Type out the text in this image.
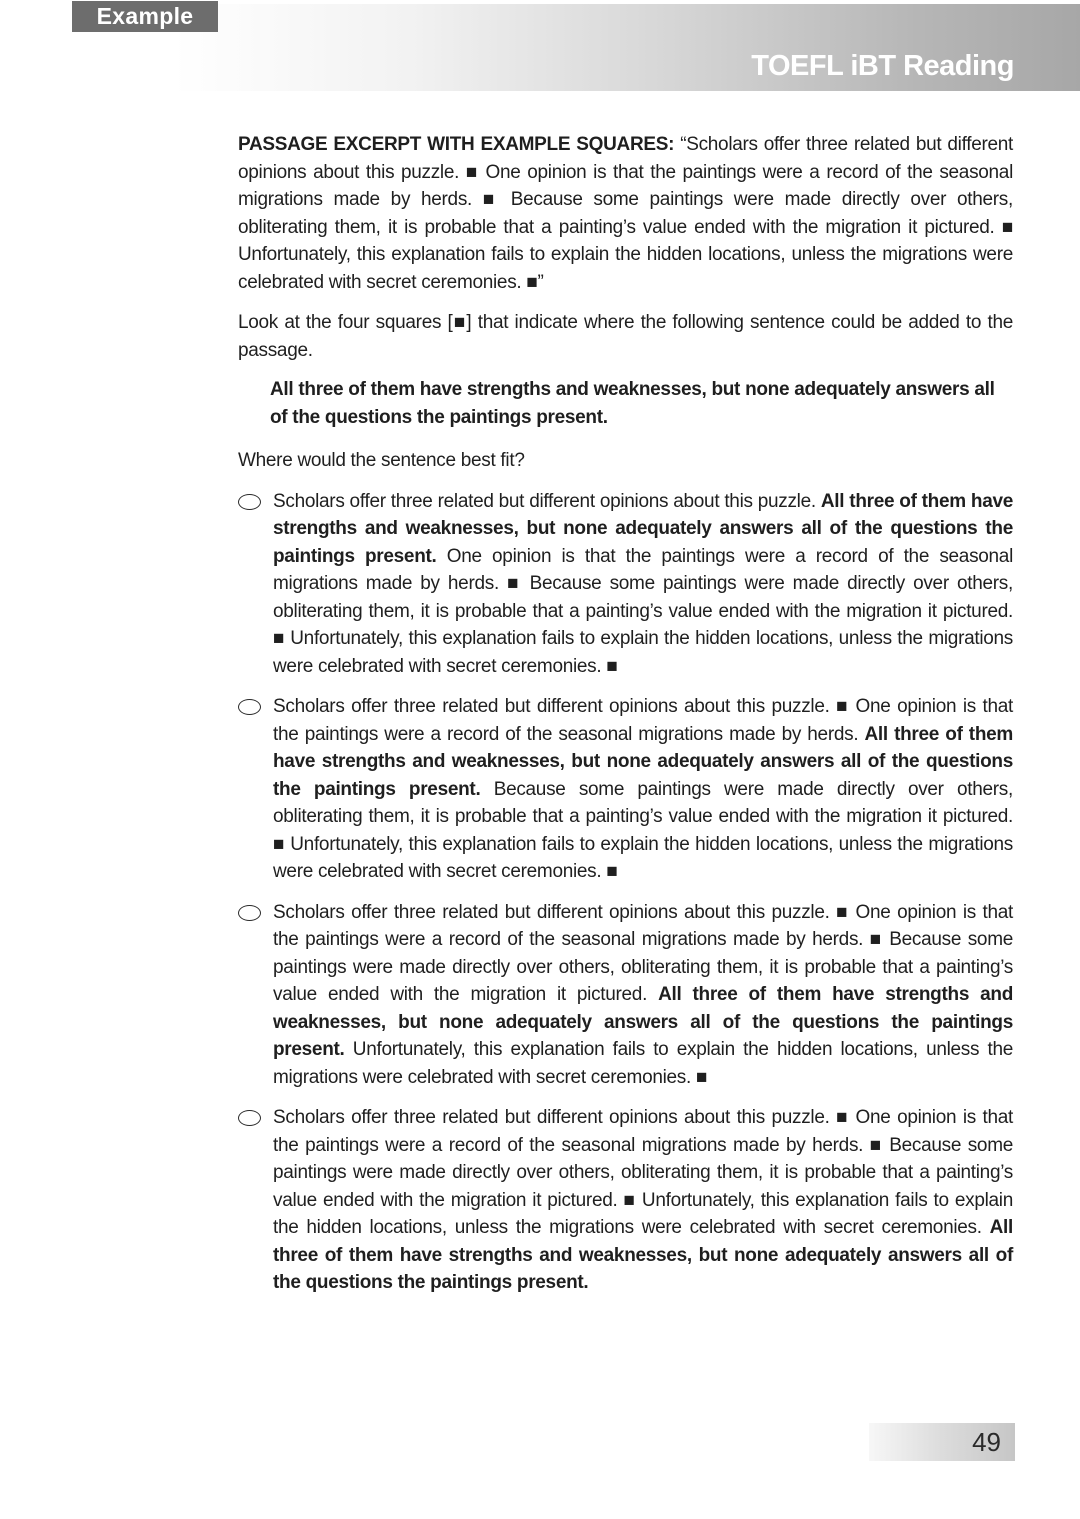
TOEFL iBT Reading
Example

PASSAGE EXCERPT WITH EXAMPLE SQUARES: “Scholars offer three related but different opinions about this puzzle. ■ One opinion is that the paintings were a record of the seasonal migrations made by herds. ■ Because some paintings were made directly over others, obliterating them, it is probable that a painting’s value ended with the migration it pictured. ■ Unfortunately, this explanation fails to explain the hidden locations, unless the migrations were celebrated with secret ceremonies. ■”

Look at the four squares [■] that indicate where the following sentence could be added to the passage.

All three of them have strengths and weaknesses, but none adequately answers all of the questions the paintings present.

Where would the sentence best fit?

Scholars offer three related but different opinions about this puzzle. All three of them have strengths and weaknesses, but none adequately answers all of the questions the paintings present. One opinion is that the paintings were a record of the seasonal migrations made by herds. ■ Because some paintings were made directly over others, obliterating them, it is probable that a painting’s value ended with the migration it pictured. ■ Unfortunately, this explanation fails to explain the hidden locations, unless the migrations were celebrated with secret ceremonies. ■
Scholars offer three related but different opinions about this puzzle. ■ One opinion is that the paintings were a record of the seasonal migrations made by herds. All three of them have strengths and weaknesses, but none adequately answers all of the questions the paintings present. Because some paintings were made directly over others, obliterating them, it is probable that a painting’s value ended with the migration it pictured. ■ Unfortunately, this explanation fails to explain the hidden locations, unless the migrations were celebrated with secret ceremonies. ■
Scholars offer three related but different opinions about this puzzle. ■ One opinion is that the paintings were a record of the seasonal migrations made by herds. ■ Because some paintings were made directly over others, obliterating them, it is probable that a painting’s value ended with the migration it pictured. All three of them have strengths and weaknesses, but none adequately answers all of the questions the paintings present. Unfortunately, this explanation fails to explain the hidden locations, unless the migrations were celebrated with secret ceremonies. ■
Scholars offer three related but different opinions about this puzzle. ■ One opinion is that the paintings were a record of the seasonal migrations made by herds. ■ Because some paintings were made directly over others, obliterating them, it is probable that a painting’s value ended with the migration it pictured. ■ Unfortunately, this explanation fails to explain the hidden locations, unless the migrations were celebrated with secret ceremonies. All three of them have strengths and weaknesses, but none adequately answers all of the questions the paintings present.
49
